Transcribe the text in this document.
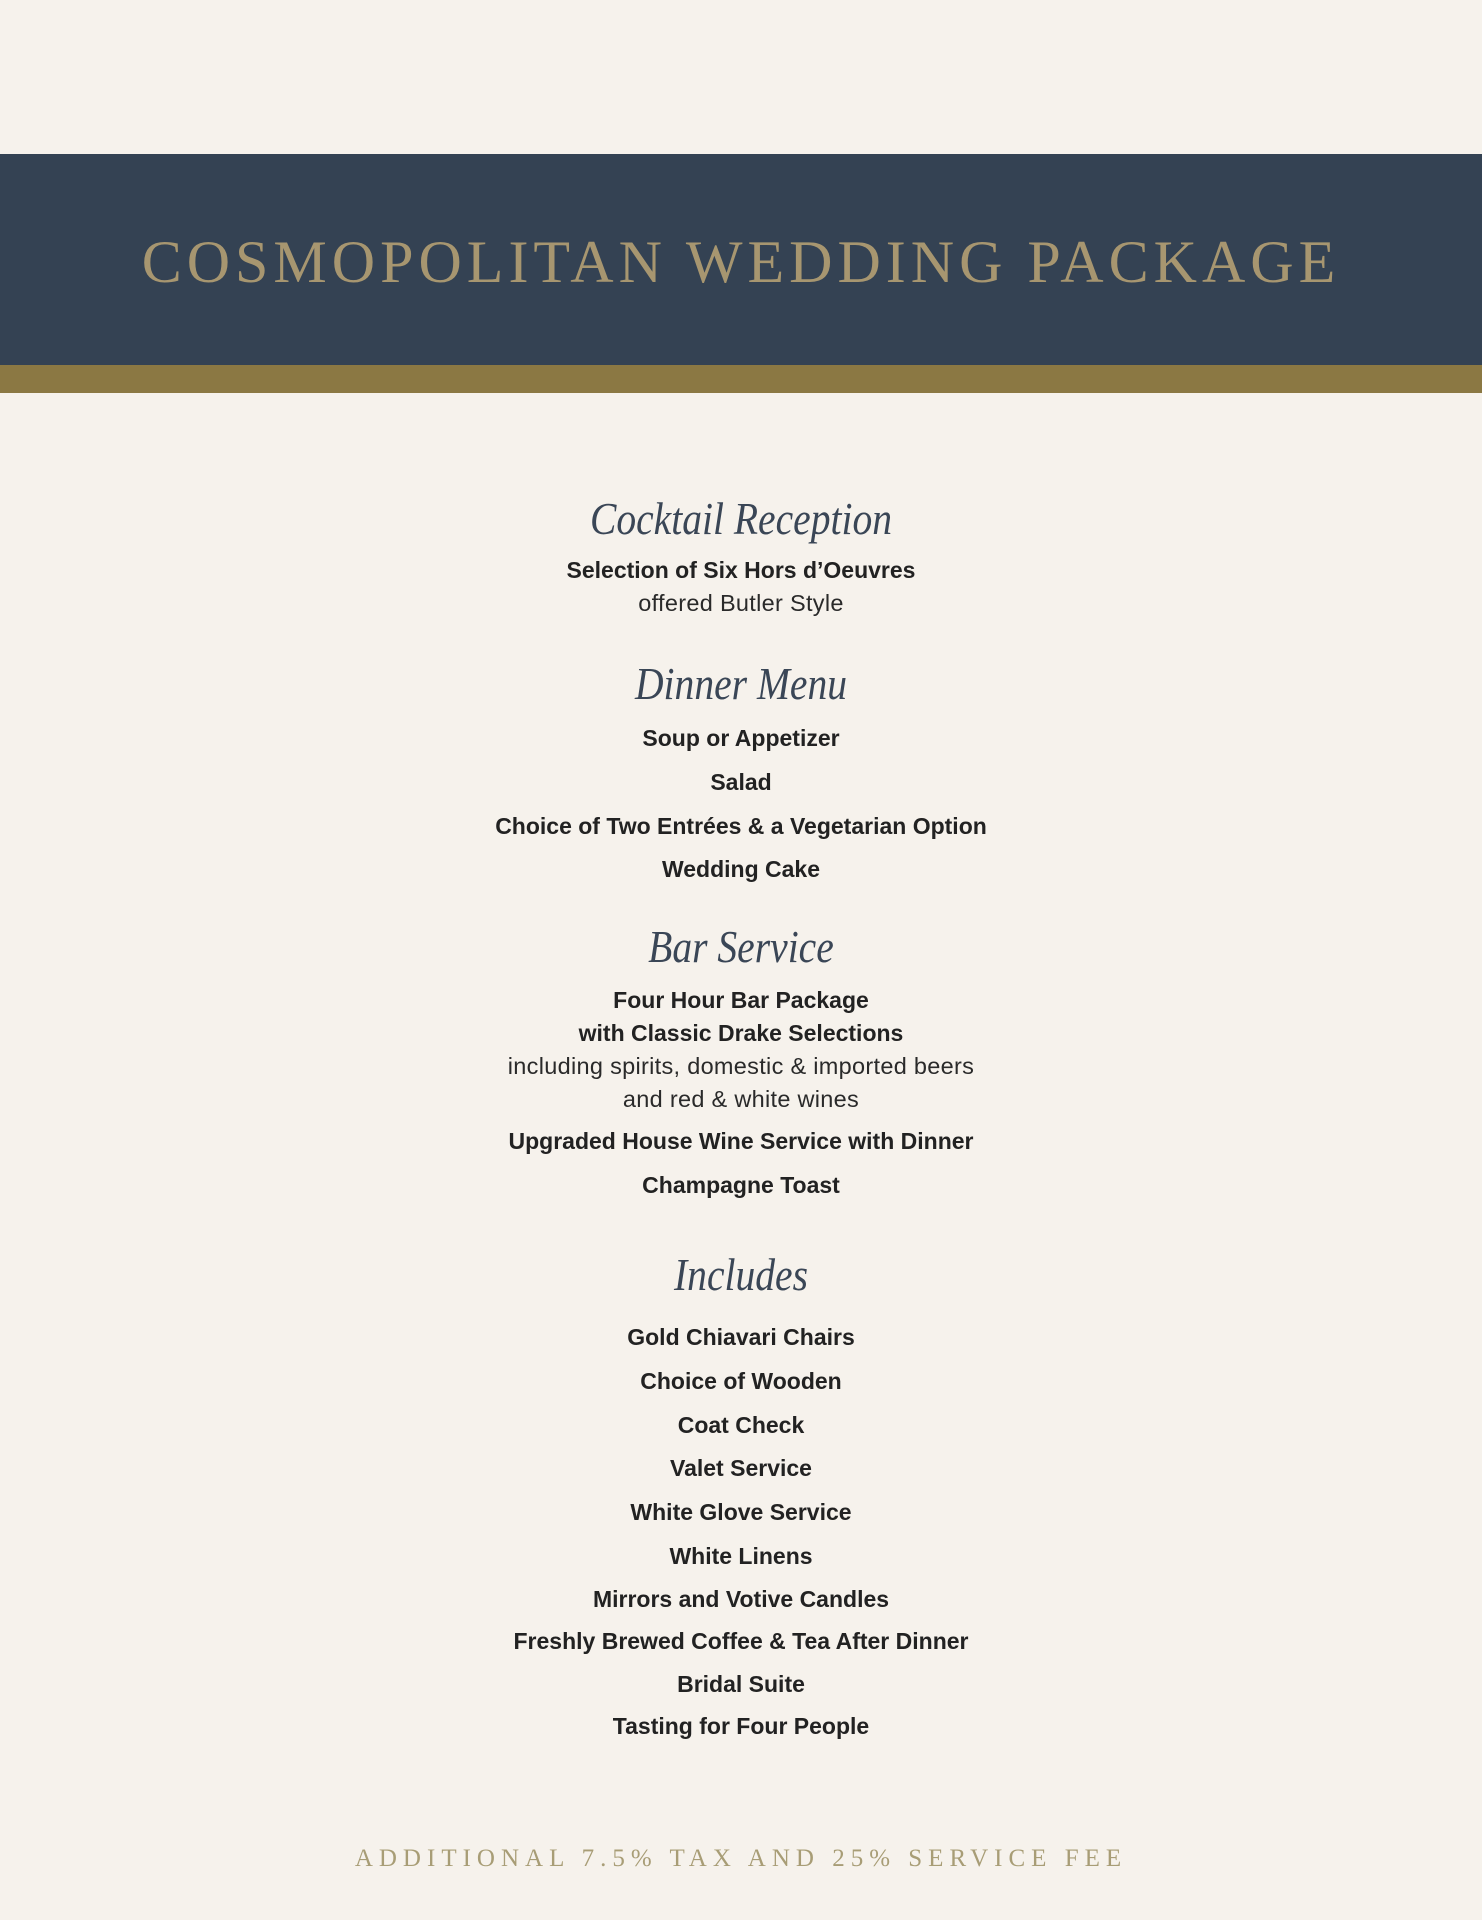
COSMOPOLITAN WEDDING PACKAGE
Cocktail Reception

Selection of Six Hors d’Oeuvres

offered Butler Style

Dinner Menu

Soup or Appetizer

Salad

Choice of Two Entrées & a Vegetarian Option

Wedding Cake

Bar Service

Four Hour Bar Package

with Classic Drake Selections

including spirits, domestic & imported beers

and red & white wines

Upgraded House Wine Service with Dinner

Champagne Toast

Includes

Gold Chiavari Chairs

Choice of Wooden

Coat Check

Valet Service

White Glove Service

White Linens

Mirrors and Votive Candles

Freshly Brewed Coffee & Tea After Dinner

Bridal Suite

Tasting for Four People

ADDITIONAL 7.5% TAX AND 25% SERVICE FEE
